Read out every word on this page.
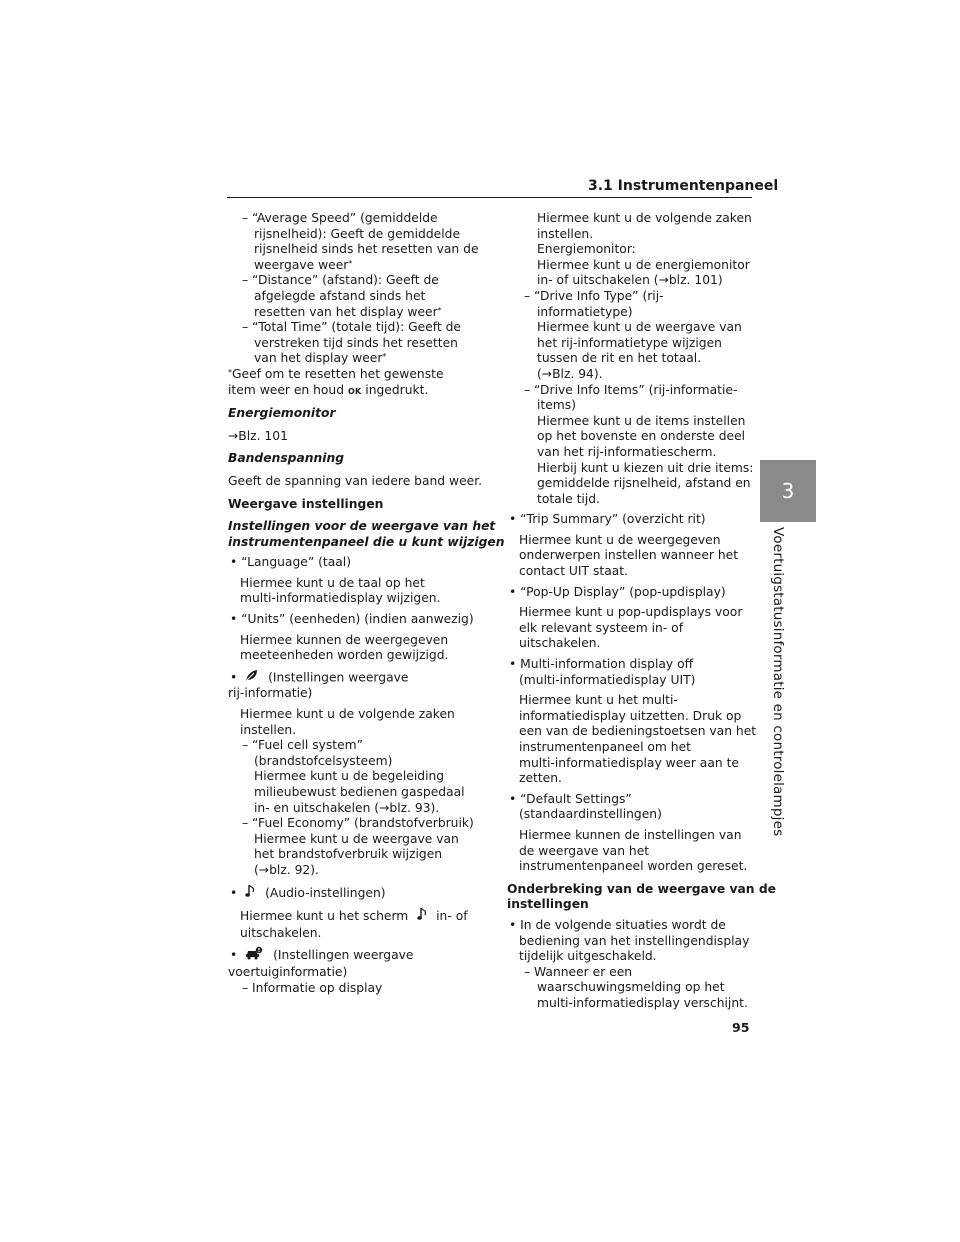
3.1 Instrumentenpaneel
3
Voertuigstatusinformatie en controlelampjes
95
– “Average Speed” (gemiddelde
rijsnelheid): Geeft de gemiddelde
rijsnelheid sinds het resetten van de
weergave weer*
– “Distance” (afstand): Geeft de
afgelegde afstand sinds het
resetten van het display weer*
– “Total Time” (totale tijd): Geeft de
verstreken tijd sinds het resetten
van het display weer*
*Geef om te resetten het gewenste
item weer en houd OK ingedrukt.
Energiemonitor
→Blz. 101
Bandenspanning
Geeft de spanning van iedere band weer.
Weergave instellingen
Instellingen voor de weergave van het
instrumentenpaneel die u kunt wijzigen
• “Language” (taal)
Hiermee kunt u de taal op het
multi-informatiedisplay wijzigen.
• “Units” (eenheden) (indien aanwezig)
Hiermee kunnen de weergegeven
meeteenheden worden gewijzigd.
•	(Instellingen weergave
rij-informatie)
Hiermee kunt u de volgende zaken
instellen.
– “Fuel cell system”
(brandstofcelsysteem)
Hiermee kunt u de begeleiding
milieubewust bedienen gaspedaal
in- en uitschakelen (→blz. 93).
– “Fuel Economy” (brandstofverbruik)
Hiermee kunt u de weergave van
het brandstofverbruik wijzigen
(→blz. 92).
• (Audio-instellingen)
Hiermee kunt u het scherm in- of
uitschakelen.
•	(Instellingen weergave
voertuiginformatie)
– Informatie op display
Hiermee kunt u de volgende zaken
instellen.
Energiemonitor:
Hiermee kunt u de energiemonitor
in- of uitschakelen (→blz. 101)
– “Drive Info Type” (rij-
informatietype)
Hiermee kunt u de weergave van
het rij-informatietype wijzigen
tussen de rit en het totaal.
(→Blz. 94).
– “Drive Info Items” (rij-informatie-
items)
Hiermee kunt u de items instellen
op het bovenste en onderste deel
van het rij-informatiescherm.
Hierbij kunt u kiezen uit drie items:
gemiddelde rijsnelheid, afstand en
totale tijd.
• “Trip Summary” (overzicht rit)
Hiermee kunt u de weergegeven
onderwerpen instellen wanneer het
contact UIT staat.
• “Pop-Up Display” (pop-updisplay)
Hiermee kunt u pop-updisplays voor
elk relevant systeem in- of
uitschakelen.
• Multi-information display off
(multi-informatiedisplay UIT)
Hiermee kunt u het multi-
informatiedisplay uitzetten. Druk op
een van de bedieningstoetsen van het
instrumentenpaneel om het
multi-informatiedisplay weer aan te
zetten.
• “Default Settings”
(standaardinstellingen)
Hiermee kunnen de instellingen van
de weergave van het
instrumentenpaneel worden gereset.
Onderbreking van de weergave van de
instellingen
• In de volgende situaties wordt de
bediening van het instellingendisplay
tijdelijk uitgeschakeld.
– Wanneer er een
waarschuwingsmelding op het
multi-informatiedisplay verschijnt.
